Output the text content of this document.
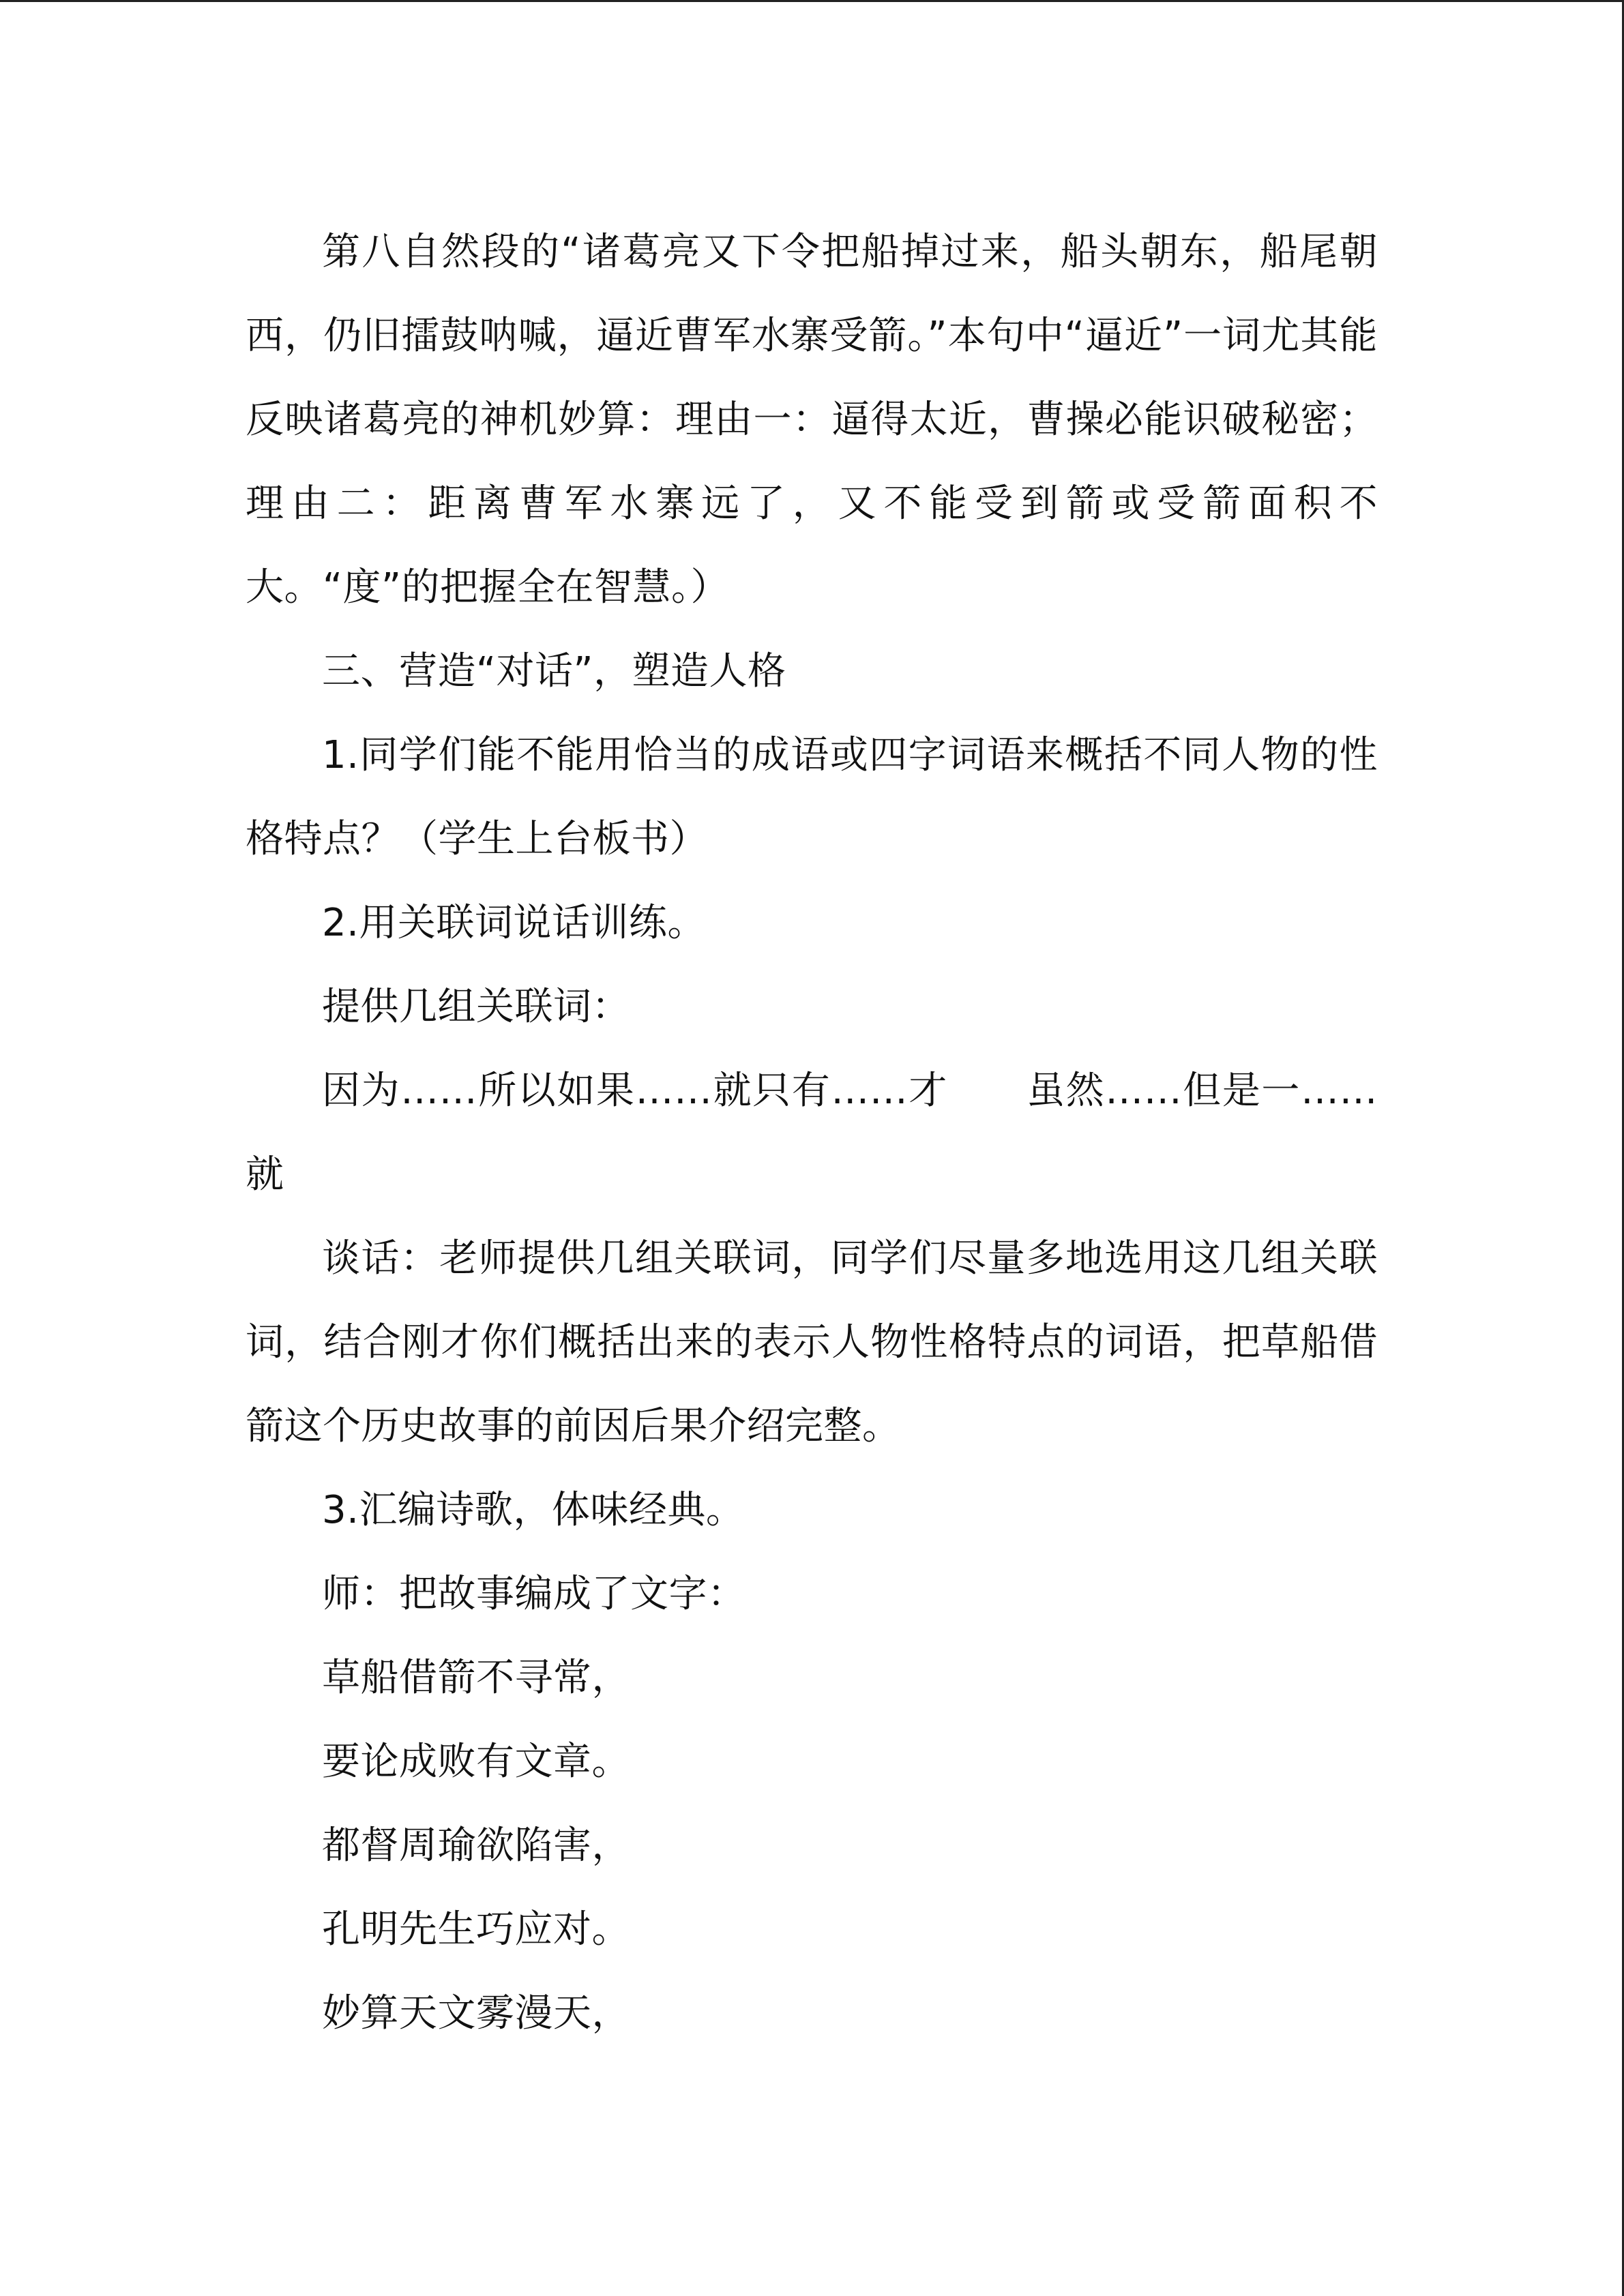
第八自然段的“诸葛亮又下令把船掉过来，船头朝东，船尾朝西，仍旧擂鼓呐喊，逼近曹军水寨受箭。”本句中“逼近”一词尤其能反映诸葛亮的神机妙算：理由一：逼得太近，曹操必能识破秘密；理由二：距离曹军水寨远了，又不能受到箭或受箭面积不大。“度”的把握全在智慧。）

三、营造“对话”，塑造人格

1.同学们能不能用恰当的成语或四字词语来概括不同人物的性格特点？（学生上台板书）

2.用关联词说话训练。

提供几组关联词：

因为……所以如果……就只有……才　　虽然……但是一……就

谈话：老师提供几组关联词，同学们尽量多地选用这几组关联词，结合刚才你们概括出来的表示人物性格特点的词语，把草船借箭这个历史故事的前因后果介绍完整。

3.汇编诗歌，体味经典。

师：把故事编成了文字：

草船借箭不寻常，

要论成败有文章。

都督周瑜欲陷害，

孔明先生巧应对。

妙算天文雾漫天，
